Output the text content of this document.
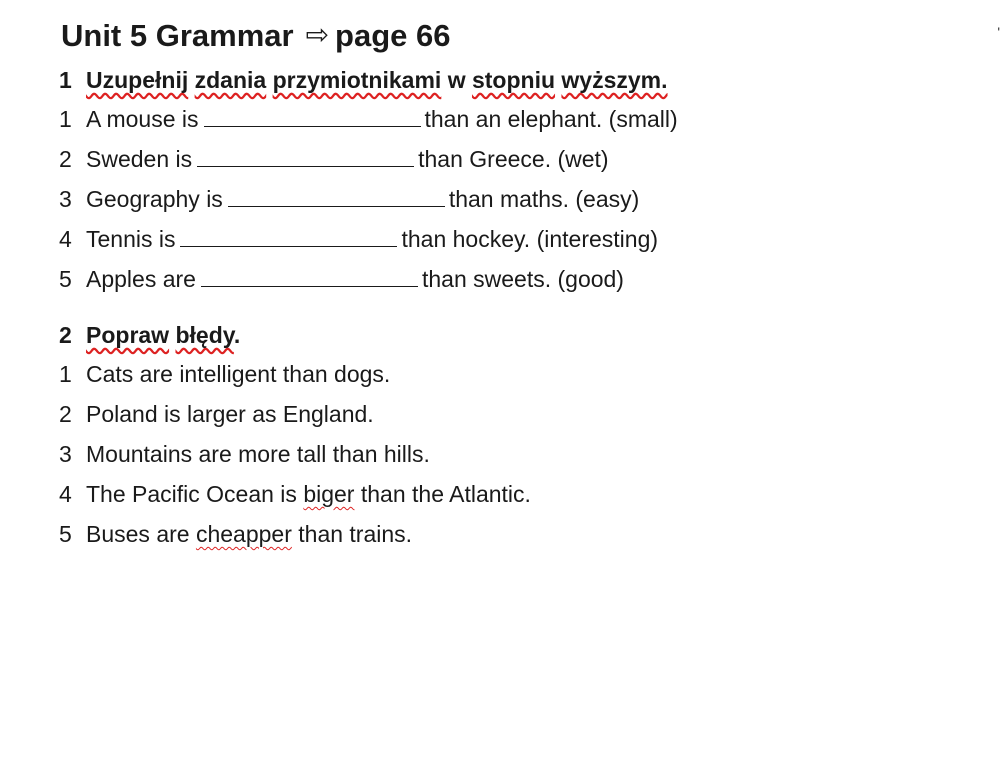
Unit 5 Grammar ⇨ page 66	'
1 Uzupełnij zdania przymiotnikami w stopniu wyższym.
1 A mouse is	than an elephant. (small)
2 Sweden is	than Greece. (wet)
3 Geography is	than maths. (easy)
4 Tennis is	than hockey. (interesting)
5 Apples are	than sweets. (good)
2 Popraw błędy.
1 Cats are intelligent than dogs.
2 Poland is larger as England.
3 Mountains are more tall than hills.
4 The Pacific Ocean is biger than the Atlantic.
5 Buses are cheapper than trains.
